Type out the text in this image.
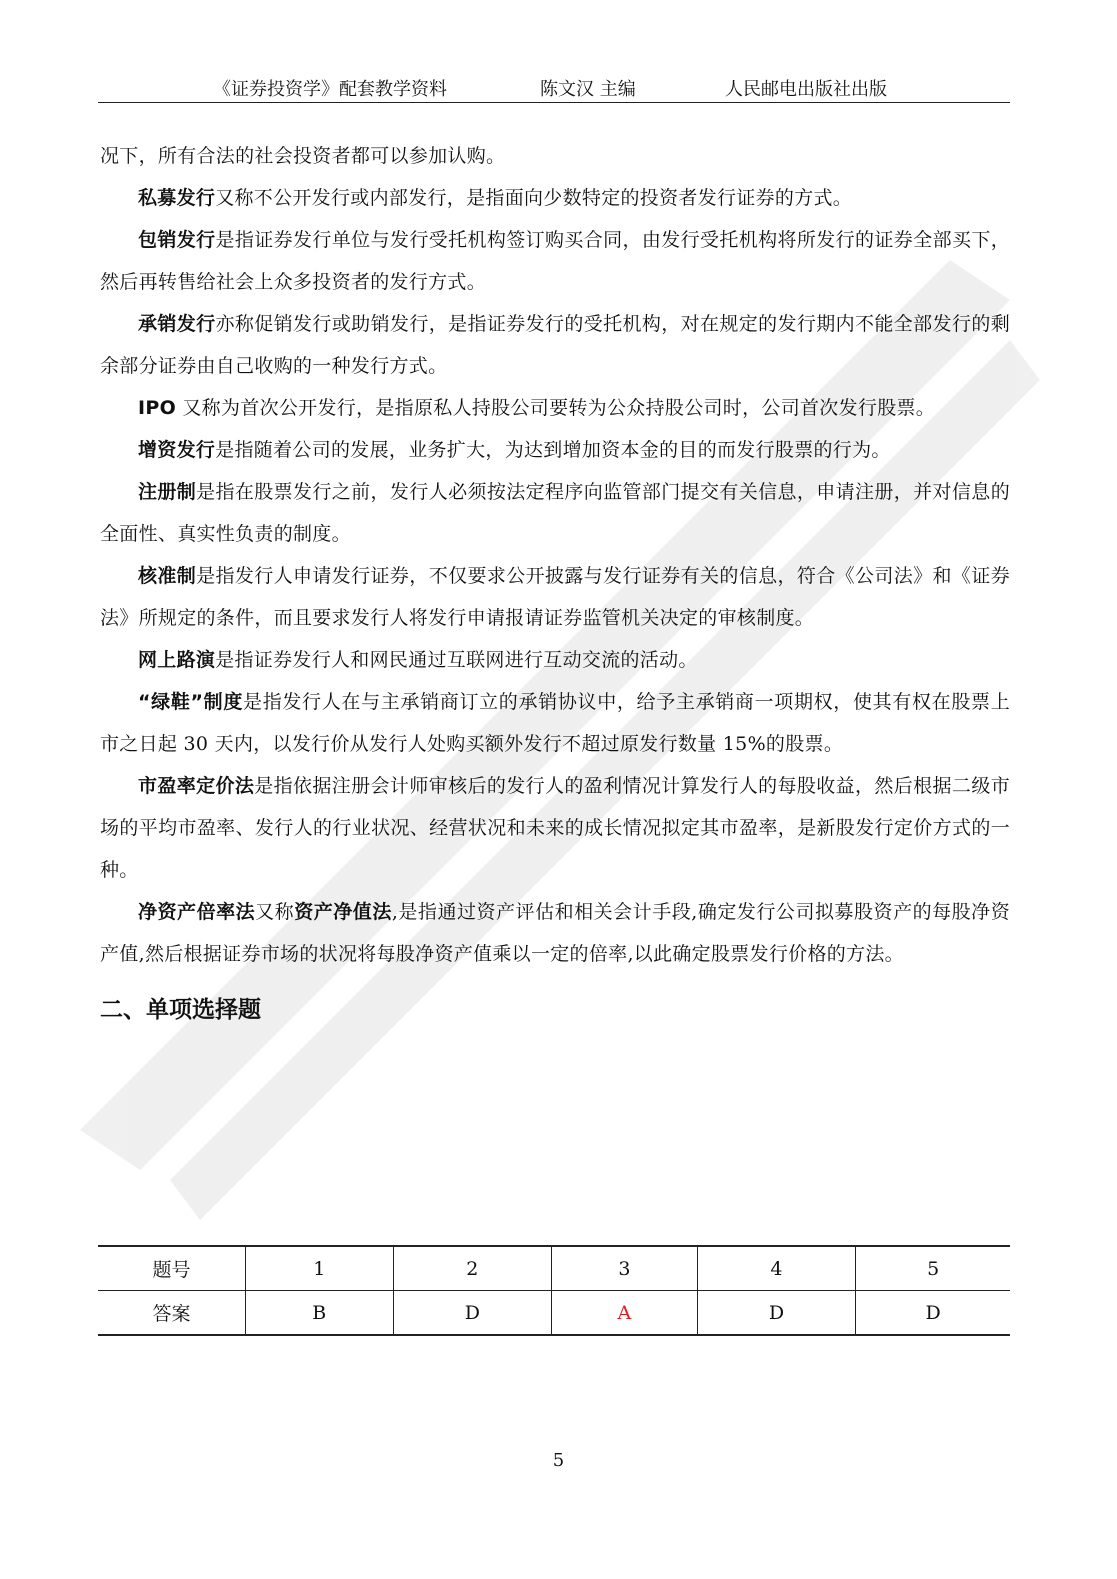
《证券投资学》配套教学资料	陈文汉 主编	人民邮电出版社出版

况下，所有合法的社会投资者都可以参加认购。

私募发行又称不公开发行或内部发行，是指面向少数特定的投资者发行证券的方式。

包销发行是指证券发行单位与发行受托机构签订购买合同，由发行受托机构将所发行的证券全部买下，然后再转售给社会上众多投资者的发行方式。

承销发行亦称促销发行或助销发行，是指证券发行的受托机构，对在规定的发行期内不能全部发行的剩余部分证券由自己收购的一种发行方式。

IPO 又称为首次公开发行，是指原私人持股公司要转为公众持股公司时，公司首次发行股票。

增资发行是指随着公司的发展，业务扩大，为达到增加资本金的目的而发行股票的行为。

注册制是指在股票发行之前，发行人必须按法定程序向监管部门提交有关信息，申请注册，并对信息的全面性、真实性负责的制度。

核准制是指发行人申请发行证券，不仅要求公开披露与发行证券有关的信息，符合《公司法》和《证券法》所规定的条件，而且要求发行人将发行申请报请证券监管机关决定的审核制度。

网上路演是指证券发行人和网民通过互联网进行互动交流的活动。

“绿鞋”制度是指发行人在与主承销商订立的承销协议中，给予主承销商一项期权，使其有权在股票上市之日起 30 天内，以发行价从发行人处购买额外发行不超过原发行数量 15%的股票。

市盈率定价法是指依据注册会计师审核后的发行人的盈利情况计算发行人的每股收益，然后根据二级市场的平均市盈率、发行人的行业状况、经营状况和未来的成长情况拟定其市盈率，是新股发行定价方式的一种。

净资产倍率法又称资产净值法,是指通过资产评估和相关会计手段,确定发行公司拟募股资产的每股净资产值,然后根据证券市场的状况将每股净资产值乘以一定的倍率,以此确定股票发行价格的方法。

二、单项选择题
题号	1	2	3	4	5
答案	B	D	A	D	D
5
